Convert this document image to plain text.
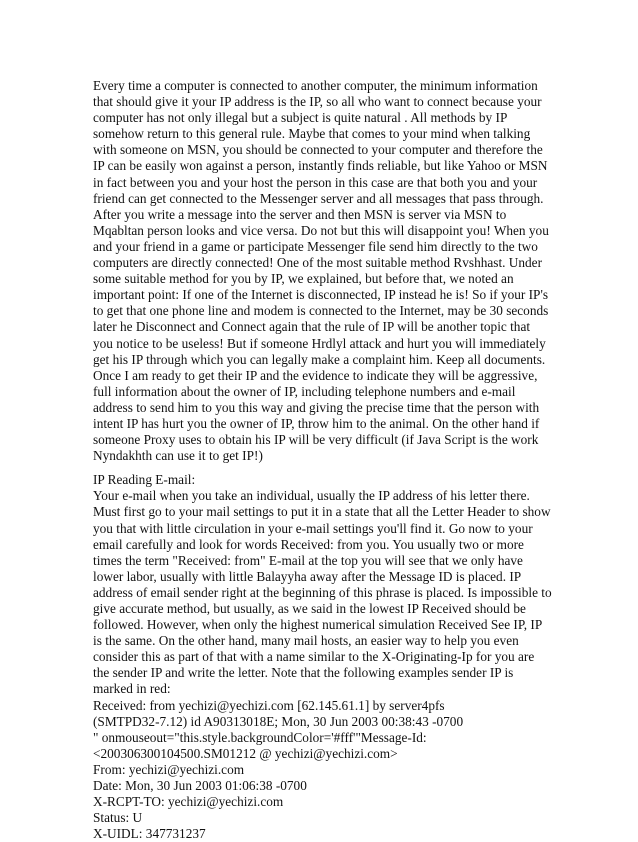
Every time a computer is connected to another computer, the minimum information that should give it your IP address is the IP, so all who want to connect because your computer has not only illegal but a subject is quite natural . All methods by IP somehow return to this general rule. Maybe that comes to your mind when talking with someone on MSN, you should be connected to your computer and therefore the IP can be easily won against a person, instantly finds reliable, but like Yahoo or MSN in fact between you and your host the person in this case are that both you and your friend can get connected to the Messenger server and all messages that pass through. After you write a message into the server and then MSN is server via MSN to Mqabltan person looks and vice versa. Do not but this will disappoint you! When you and your friend in a game or participate Messenger file send him directly to the two computers are directly connected! One of the most suitable method Rvshhast. Under some suitable method for you by IP, we explained, but before that, we noted an important point: If one of the Internet is disconnected, IP instead he is! So if your IP's to get that one phone line and modem is connected to the Internet, may be 30 seconds later he Disconnect and Connect again that the rule of IP will be another topic that you notice to be useless! But if someone Hrdlyl attack and hurt you will immediately get his IP through which you can legally make a complaint him. Keep all documents. Once I am ready to get their IP and the evidence to indicate they will be aggressive, full information about the owner of IP, including telephone numbers and e-mail address to send him to you this way and giving the precise time that the person with intent IP has hurt you the owner of IP, throw him to the animal. On the other hand if someone Proxy uses to obtain his IP will be very difficult (if Java Script is the work Nyndakhth can use it to get IP!)

IP Reading E-mail:

Your e-mail when you take an individual, usually the IP address of his letter there. Must first go to your mail settings to put it in a state that all the Letter Header to show you that with little circulation in your e-mail settings you'll find it. Go now to your email carefully and look for words Received: from you. You usually two or more times the term "Received: from" E-mail at the top you will see that we only have lower labor, usually with little Balayyha away after the Message ID is placed. IP address of email sender right at the beginning of this phrase is placed. Is impossible to give accurate method, but usually, as we said in the lowest IP Received should be followed. However, when only the highest numerical simulation Received See IP, IP is the same. On the other hand, many mail hosts, an easier way to help you even consider this as part of that with a name similar to the X-Originating-Ip for you are the sender IP and write the letter. Note that the following examples sender IP is marked in red:

Received: from yechizi@yechizi.com [62.145.61.1] by server4pfs
(SMTPD32-7.12) id A90313018E; Mon, 30 Jun 2003 00:38:43 -0700
" onmouseout="this.style.backgroundColor='#fff'"Message-Id:
<200306300104500.SM01212 @ yechizi@yechizi.com>
From: yechizi@yechizi.com
Date: Mon, 30 Jun 2003 01:06:38 -0700
X-RCPT-TO: yechizi@yechizi.com
Status: U
X-UIDL: 347731237
